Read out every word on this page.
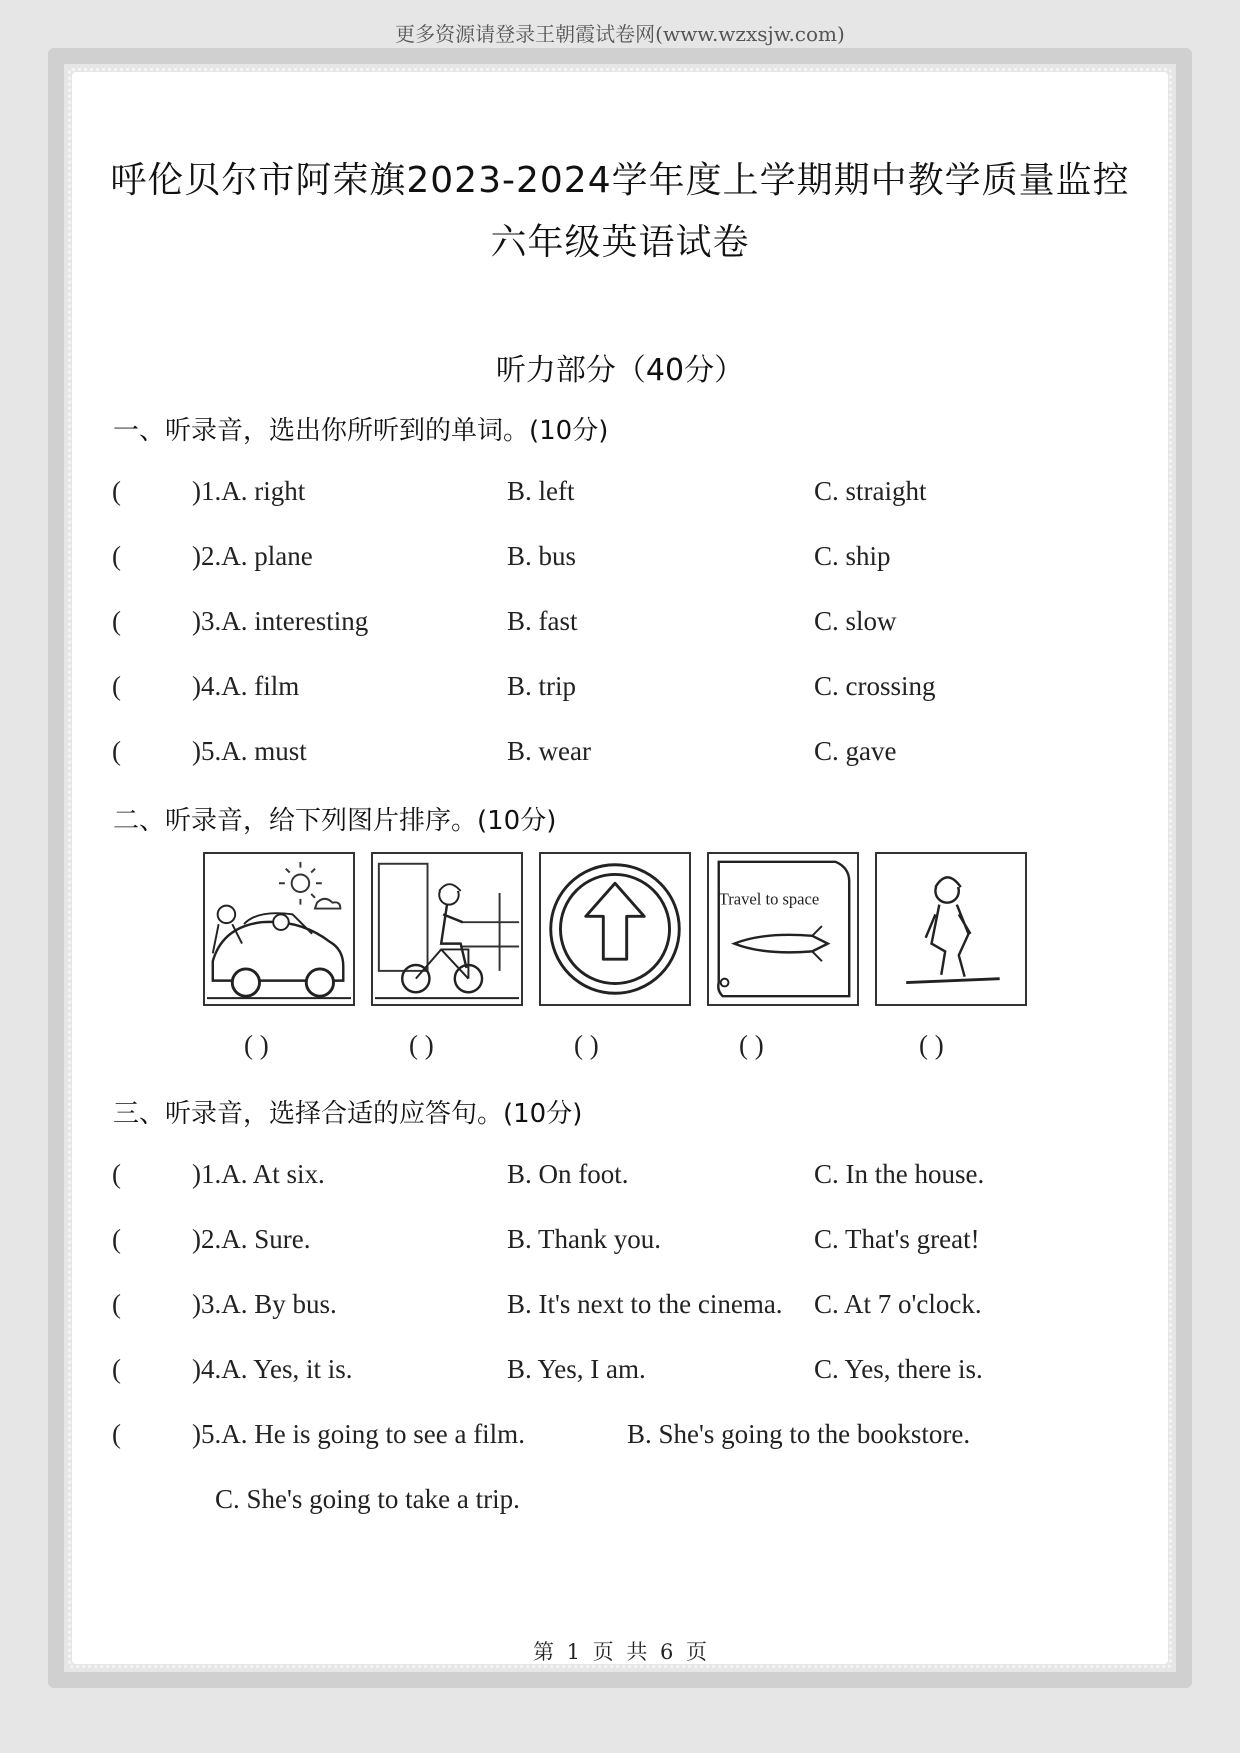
更多资源请登录王朝霞试卷网(www.wzxsjw.com)
呼伦贝尔市阿荣旗2023-2024学年度上学期期中教学质量监控
六年级英语试卷
听力部分（40分）
一、听录音，选出你所听到的单词。(10分)
(	)1.A. right	B. left	C. straight
(	)2.A. plane	B. bus	C. ship
(	)3.A. interesting	B. fast	C. slow
(	)4.A. film	B. trip	C. crossing
(	)5.A. must	B. wear	C. gave
二、听录音，给下列图片排序。(10分)
Travel to space
( )	( )	( )	( )	( )
三、听录音，选择合适的应答句。(10分)
(	)1.A. At six.	B. On foot.	C. In the house.
(	)2.A. Sure.	B. Thank you.	C. That's great!
(	)3.A. By bus.	B. It's next to the cinema. C. At 7 o'clock.
(	)4.A. Yes, it is.	B. Yes, I am.	C. Yes, there is.
(	)5.A. He is going to see a film.	B. She's going to the bookstore.
C. She's going to take a trip.
第 1 页 共 6 页
